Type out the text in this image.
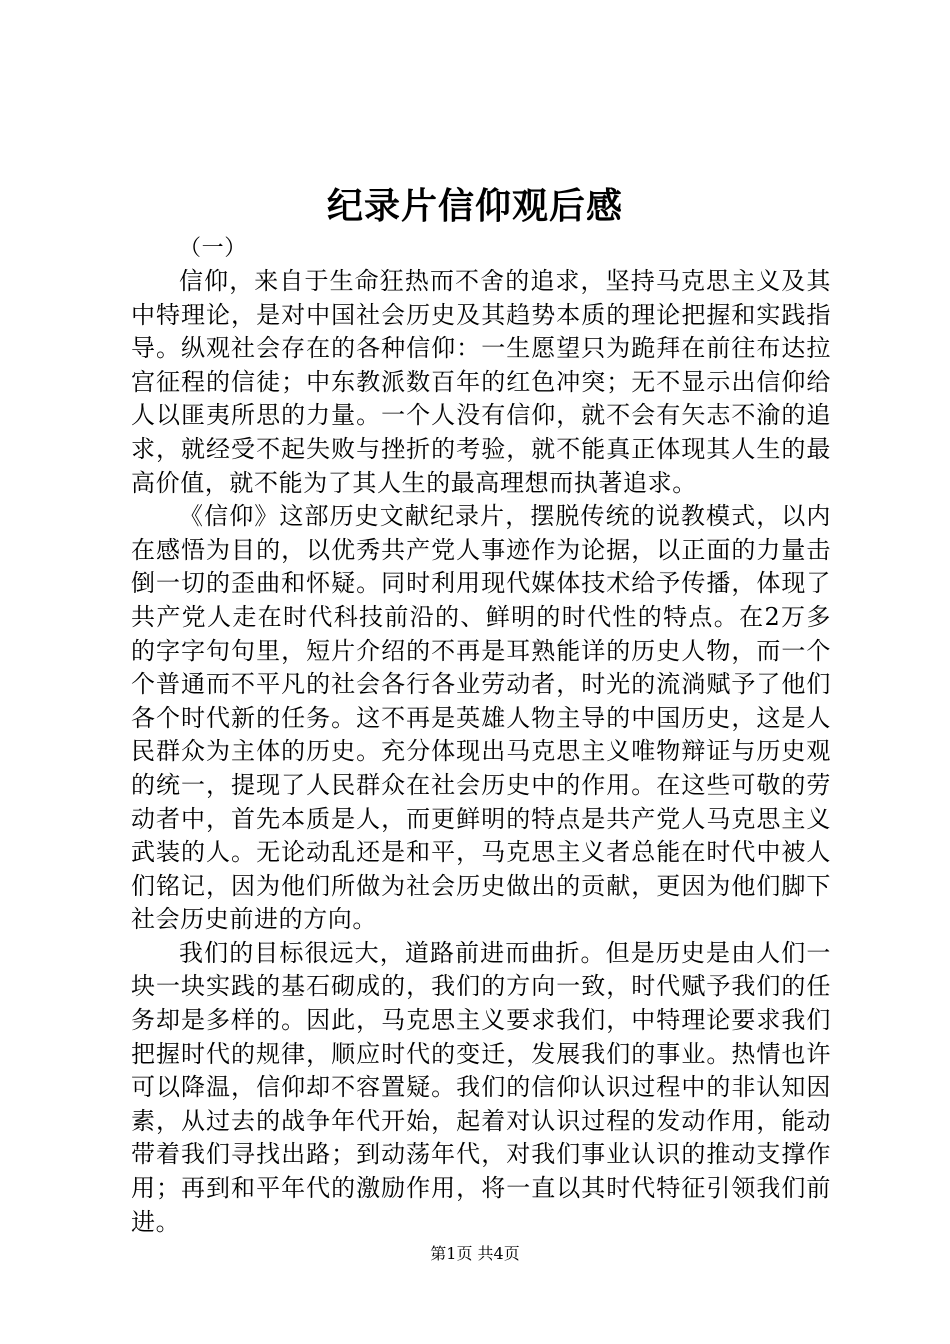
纪录片信仰观后感
（一）

信仰，来自于生命狂热而不舍的追求，坚持马克思主义及其中特理论，是对中国社会历史及其趋势本质的理论把握和实践指导。纵观社会存在的各种信仰：一生愿望只为跪拜在前往布达拉宫征程的信徒；中东教派数百年的红色冲突；无不显示出信仰给人以匪夷所思的力量。一个人没有信仰，就不会有矢志不渝的追求，就经受不起失败与挫折的考验，就不能真正体现其人生的最高价值，就不能为了其人生的最高理想而执著追求。

《信仰》这部历史文献纪录片，摆脱传统的说教模式，以内在感悟为目的，以优秀共产党人事迹作为论据，以正面的力量击倒一切的歪曲和怀疑。同时利用现代媒体技术给予传播，体现了共产党人走在时代科技前沿的、鲜明的时代性的特点。在2万多的字字句句里，短片介绍的不再是耳熟能详的历史人物，而一个个普通而不平凡的社会各行各业劳动者，时光的流淌赋予了他们各个时代新的任务。这不再是英雄人物主导的中国历史，这是人民群众为主体的历史。充分体现出马克思主义唯物辩证与历史观的统一，提现了人民群众在社会历史中的作用。在这些可敬的劳动者中，首先本质是人，而更鲜明的特点是共产党人马克思主义武装的人。无论动乱还是和平，马克思主义者总能在时代中被人们铭记，因为他们所做为社会历史做出的贡献，更因为他们脚下社会历史前进的方向。

我们的目标很远大，道路前进而曲折。但是历史是由人们一块一块实践的基石砌成的，我们的方向一致，时代赋予我们的任务却是多样的。因此，马克思主义要求我们，中特理论要求我们把握时代的规律，顺应时代的变迁，发展我们的事业。热情也许可以降温，信仰却不容置疑。我们的信仰认识过程中的非认知因素，从过去的战争年代开始，起着对认识过程的发动作用，能动带着我们寻找出路；到动荡年代，对我们事业认识的推动支撑作用；再到和平年代的激励作用，将一直以其时代特征引领我们前进。

第1页 共4页
